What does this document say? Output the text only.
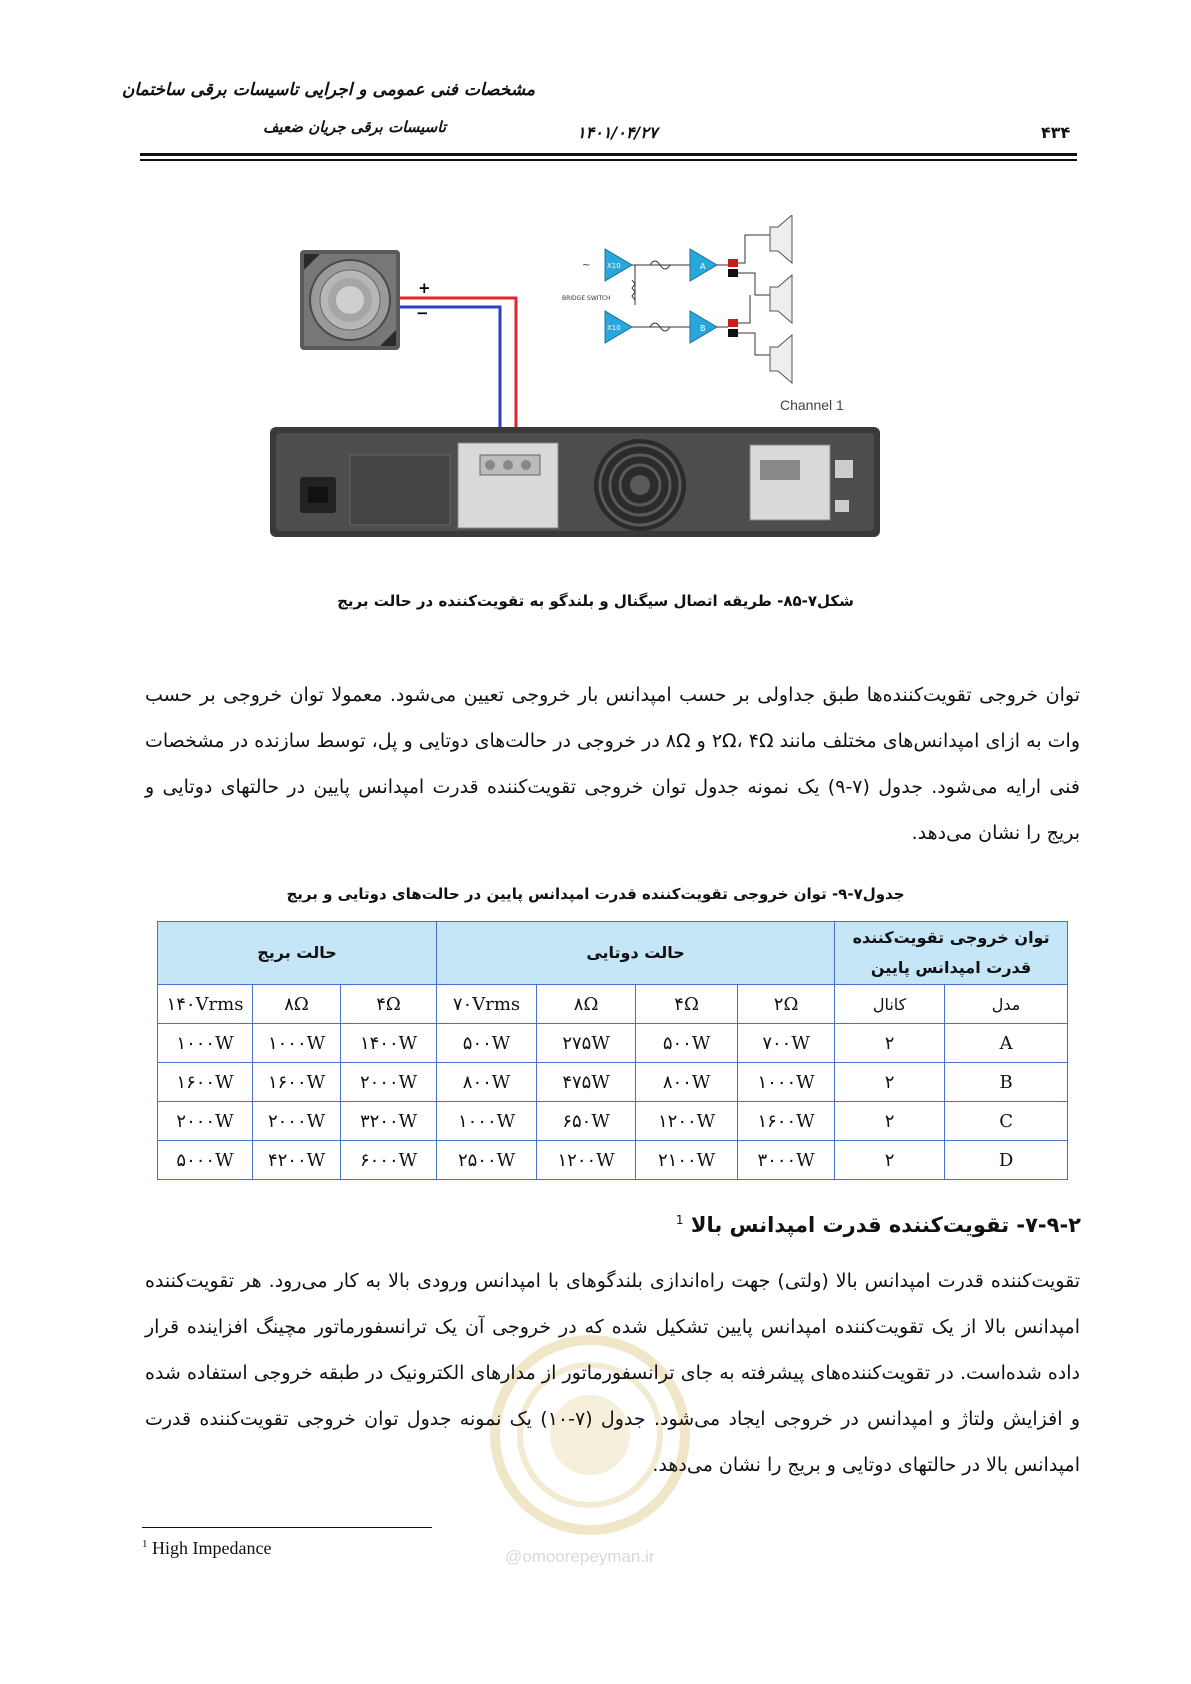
مشخصات فنی عمومی و اجرایی تاسیسات برقی ساختمان
تاسیسات برقی جریان ضعیف	۱۴۰۱/۰۴/۲۷	۴۳۴
+
−
~ X10
X10
A
B
BRIDGE SWITCH
Channel 1
شکل۷-۸۵- طریقه اتصال سیگنال و بلندگو به تقویت‌کننده در حالت بریج
توان خروجی تقویت‌کننده‌ها طبق جداولی بر حسب امپدانس بار خروجی تعیین می‌شود. معمولا توان خروجی بر حسب وات به ازای امپدانس‌های مختلف مانند ۲Ω، ۴Ω و ۸Ω در خروجی در حالت‌های دوتایی و پل، توسط سازنده در مشخصات فنی ارایه می‌شود. جدول (۷-۹) یک نمونه جدول توان خروجی تقویت‌کننده قدرت امپدانس پایین در حالتهای دوتایی و بریج را نشان می‌دهد.
جدول۷-۹- توان خروجی تقویت‌کننده قدرت امپدانس پایین در حالت‌های دوتایی و بریج
توان خروجی تقویت‌کننده قدرت امپدانس پایین		حالت دوتایی				حالت بریج		
مدل	کانال	۲Ω	۴Ω	۸Ω	۷۰Vrms	۴Ω	۸Ω	۱۴۰Vrms
A	۲	۷۰۰W	۵۰۰W	۲۷۵W	۵۰۰W	۱۴۰۰W	۱۰۰۰W	۱۰۰۰W
B	۲	۱۰۰۰W	۸۰۰W	۴۷۵W	۸۰۰W	۲۰۰۰W	۱۶۰۰W	۱۶۰۰W
C	۲	۱۶۰۰W	۱۲۰۰W	۶۵۰W	۱۰۰۰W	۳۲۰۰W	۲۰۰۰W	۲۰۰۰W
D	۲	۳۰۰۰W	۲۱۰۰W	۱۲۰۰W	۲۵۰۰W	۶۰۰۰W	۴۲۰۰W	۵۰۰۰W
۷-۹-۲- تقویت‌کننده قدرت امپدانس بالا $^1$
تقویت‌کننده قدرت امپدانس بالا (ولتی) جهت راه‌اندازی بلندگوهای با امپدانس ورودی بالا به کار می‌رود. هر تقویت‌کننده امپدانس بالا از یک تقویت‌کننده امپدانس پایین تشکیل شده که در خروجی آن یک ترانسفورماتور مچینگ افزاینده قرار داده شده‌است. در تقویت‌کننده‌های پیشرفته به جای ترانسفورماتور از مدارهای الکترونیک در طبقه خروجی استفاده شده و افزایش ولتاژ و امپدانس در خروجی ایجاد می‌شود. جدول (۷-۱۰) یک نمونه جدول توان خروجی تقویت‌کننده قدرت امپدانس بالا در حالتهای دوتایی و بریج را نشان می‌دهد.
@omoorepeyman.ir
$^1$ High Impedance
